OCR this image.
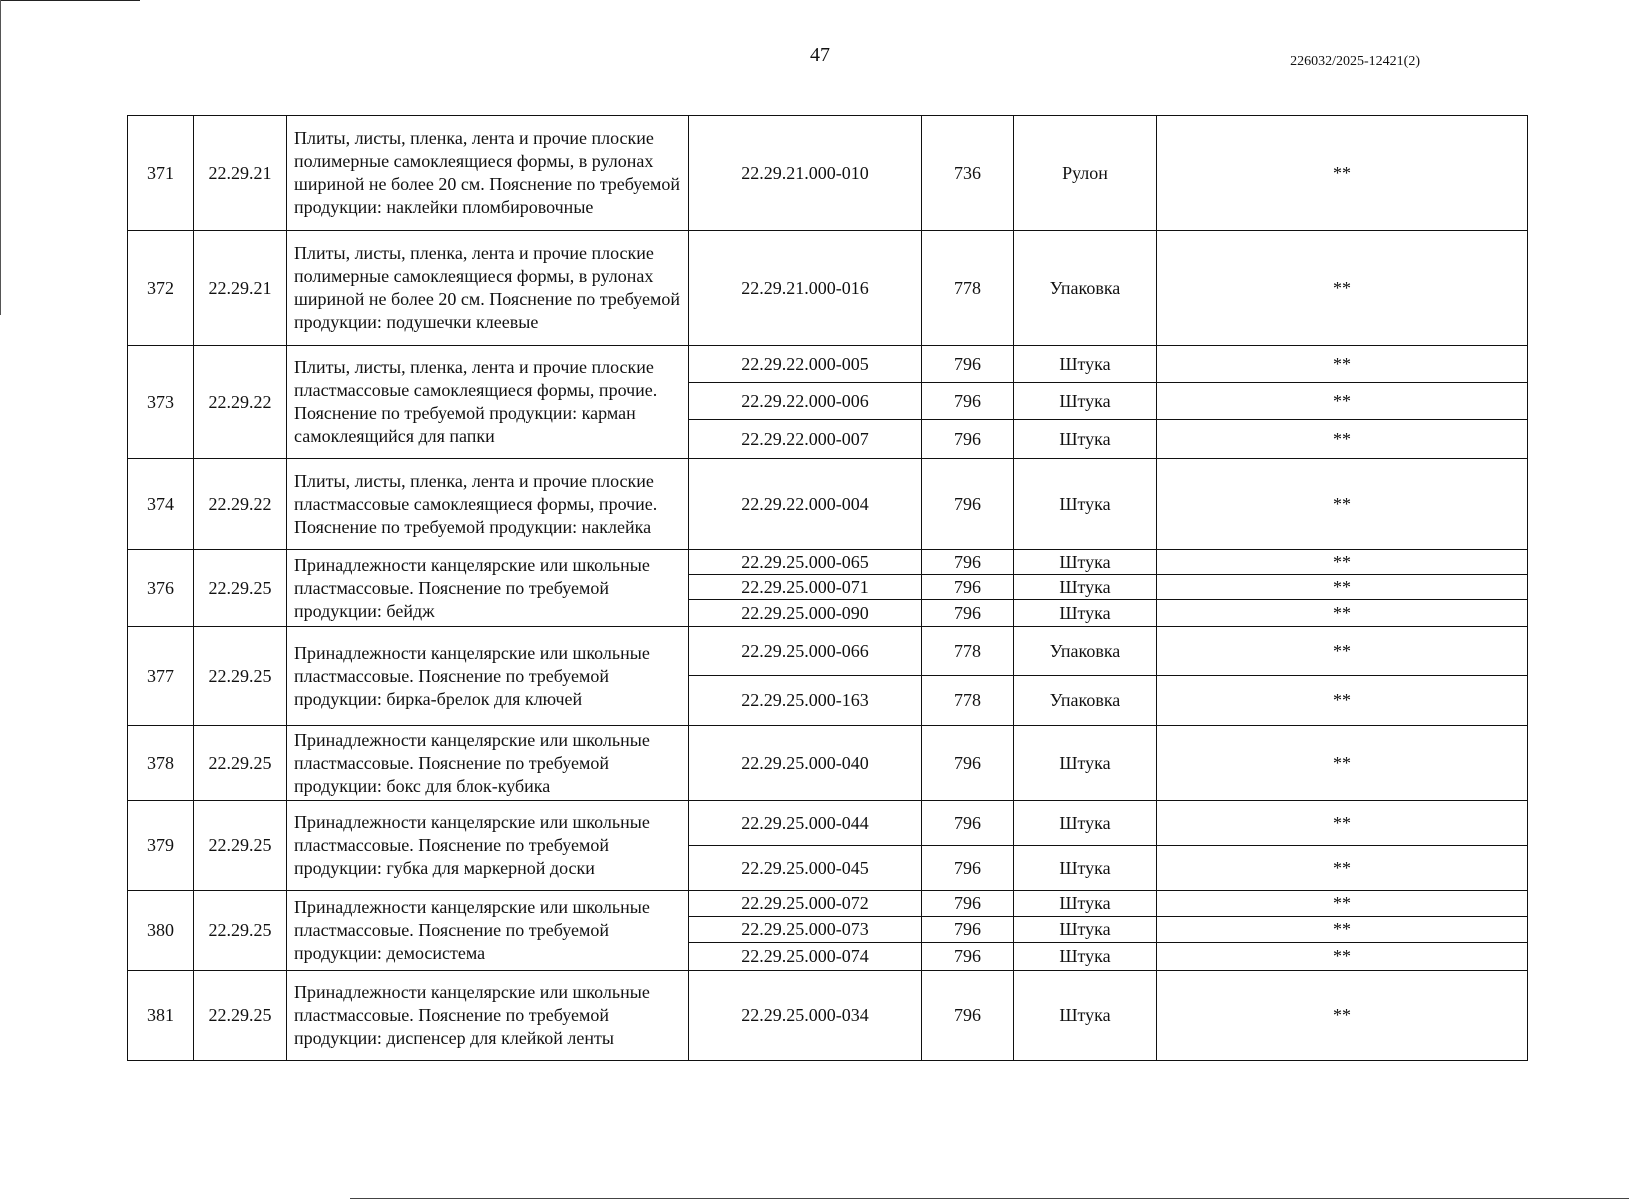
47	226032/2025-12421(2)
371	22.29.21	Плиты, листы, пленка, лента и прочие плоские полимерные самоклеящиеся формы, в рулонах шириной не более 20 см. Пояснение по требуемой продукции: наклейки пломбировочные	22.29.21.000-010	736	Рулон	**
372	22.29.21	Плиты, листы, пленка, лента и прочие плоские полимерные самоклеящиеся формы, в рулонах шириной не более 20 см. Пояснение по требуемой продукции: подушечки клеевые	22.29.21.000-016	778	Упаковка	**
373	22.29.22	Плиты, листы, пленка, лента и прочие плоские пластмассовые самоклеящиеся формы, прочие. Пояснение по требуемой продукции: карман самоклеящийся для папки	22.29.22.000-005	796	Штука	**
			22.29.22.000-006	796	Штука	**
			22.29.22.000-007	796	Штука	**
374	22.29.22	Плиты, листы, пленка, лента и прочие плоские пластмассовые самоклеящиеся формы, прочие. Пояснение по требуемой продукции: наклейка	22.29.22.000-004	796	Штука	**
376	22.29.25	Принадлежности канцелярские или школьные пластмассовые. Пояснение по требуемой продукции: бейдж	22.29.25.000-065	796	Штука	**
			22.29.25.000-071	796	Штука	**
			22.29.25.000-090	796	Штука	**
377	22.29.25	Принадлежности канцелярские или школьные пластмассовые. Пояснение по требуемой продукции: бирка-брелок для ключей	22.29.25.000-066	778	Упаковка	**
			22.29.25.000-163	778	Упаковка	**
378	22.29.25	Принадлежности канцелярские или школьные пластмассовые. Пояснение по требуемой продукции: бокс для блок-кубика	22.29.25.000-040	796	Штука	**
379	22.29.25	Принадлежности канцелярские или школьные пластмассовые. Пояснение по требуемой продукции: губка для маркерной доски	22.29.25.000-044	796	Штука	**
			22.29.25.000-045	796	Штука	**
380	22.29.25	Принадлежности канцелярские или школьные пластмассовые. Пояснение по требуемой продукции: демосистема	22.29.25.000-072	796	Штука	**
			22.29.25.000-073	796	Штука	**
			22.29.25.000-074	796	Штука	**
381	22.29.25	Принадлежности канцелярские или школьные пластмассовые. Пояснение по требуемой продукции: диспенсер для клейкой ленты	22.29.25.000-034	796	Штука	**
